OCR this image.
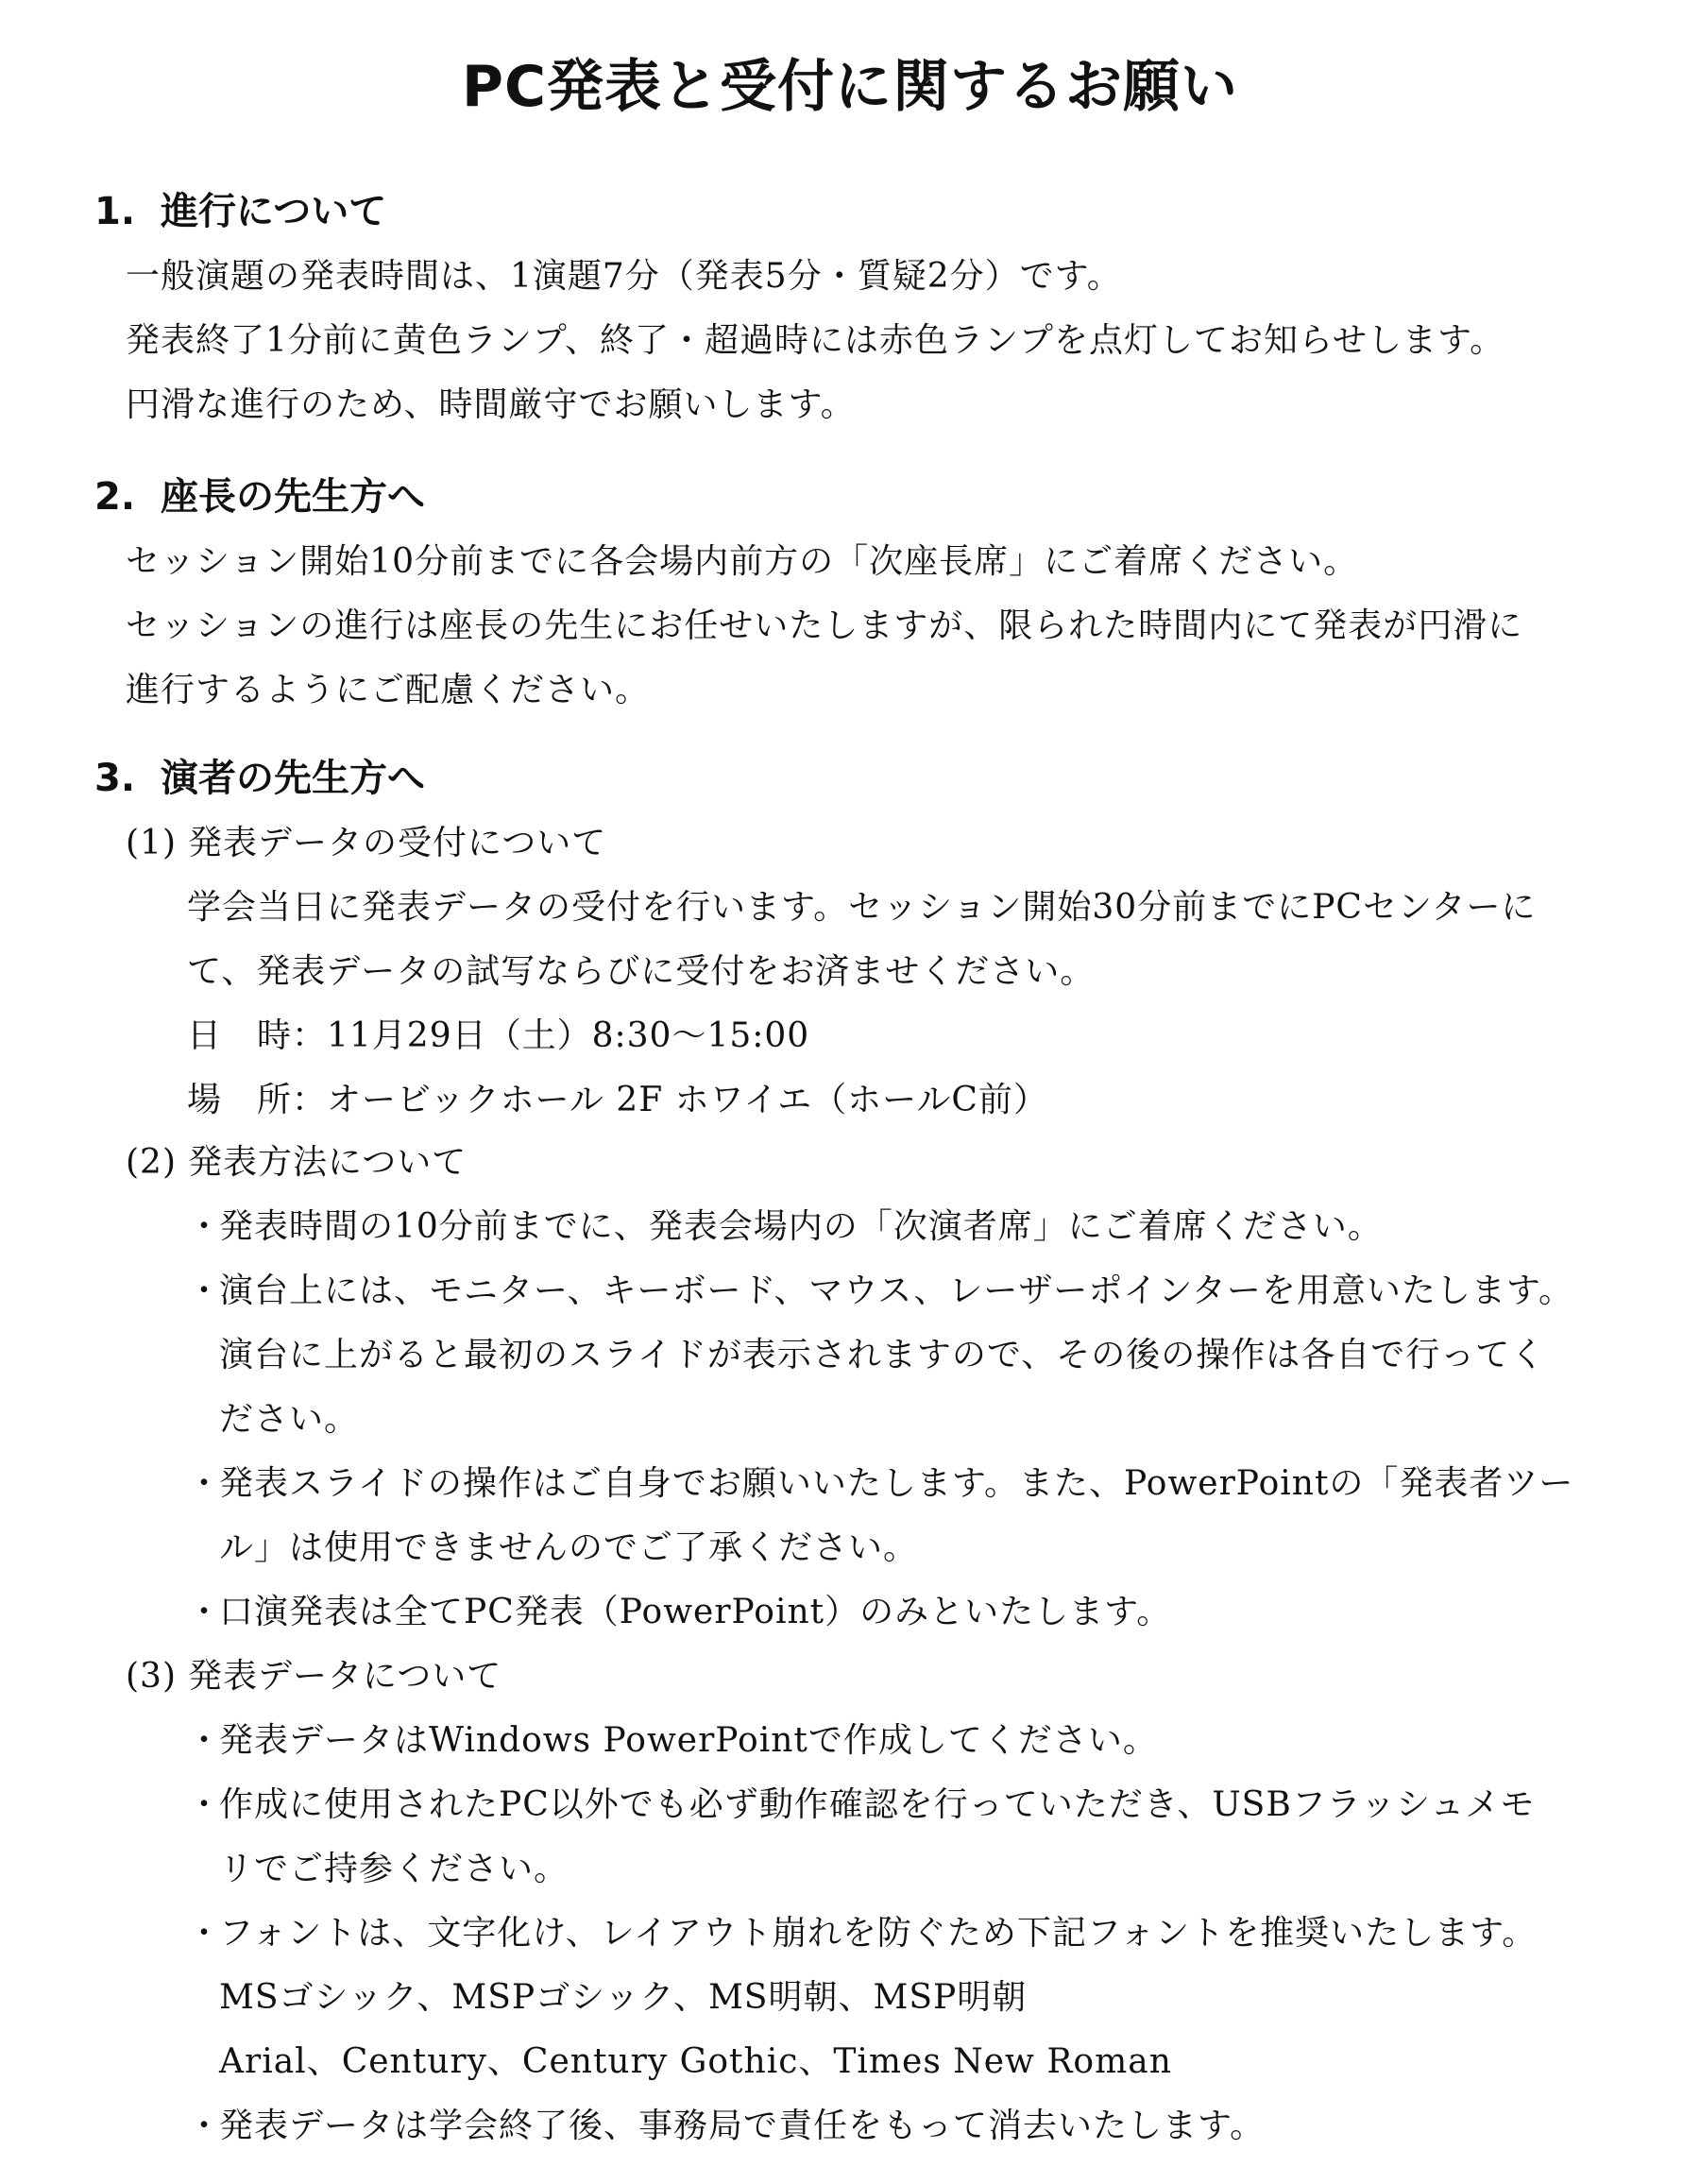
PC発表と受付に関するお願い
1. 進行について
一般演題の発表時間は、1演題7分（発表5分・質疑2分）です。
発表終了1分前に黄色ランプ、終了・超過時には赤色ランプを点灯してお知らせします。
円滑な進行のため、時間厳守でお願いします。
2. 座長の先生方へ
セッション開始10分前までに各会場内前方の「次座長席」にご着席ください。
セッションの進行は座長の先生にお任せいたしますが、限られた時間内にて発表が円滑に
進行するようにご配慮ください。
3. 演者の先生方へ
(1) 発表データの受付について
学会当日に発表データの受付を行います。セッション開始30分前までにPCセンターに
て、発表データの試写ならびに受付をお済ませください。
日　時：11月29日（土）8:30〜15:00
場　所：オービックホール 2F ホワイエ（ホールC前）
(2) 発表方法について
・
発表時間の10分前までに、発表会場内の「次演者席」にご着席ください。
・
演台上には、モニター、キーボード、マウス、レーザーポインターを用意いたします。
演台に上がると最初のスライドが表示されますので、その後の操作は各自で行ってく
ださい。
・
発表スライドの操作はご自身でお願いいたします。また、PowerPointの「発表者ツー
ル」は使用できませんのでご了承ください。
・
口演発表は全てPC発表（PowerPoint）のみといたします。
(3) 発表データについて
・
発表データはWindows PowerPointで作成してください。
・
作成に使用されたPC以外でも必ず動作確認を行っていただき、USBフラッシュメモ
リでご持参ください。
・
フォントは、文字化け、レイアウト崩れを防ぐため下記フォントを推奨いたします。
MSゴシック、MSPゴシック、MS明朝、MSP明朝
Arial、Century、Century Gothic、Times New Roman
・
発表データは学会終了後、事務局で責任をもって消去いたします。
